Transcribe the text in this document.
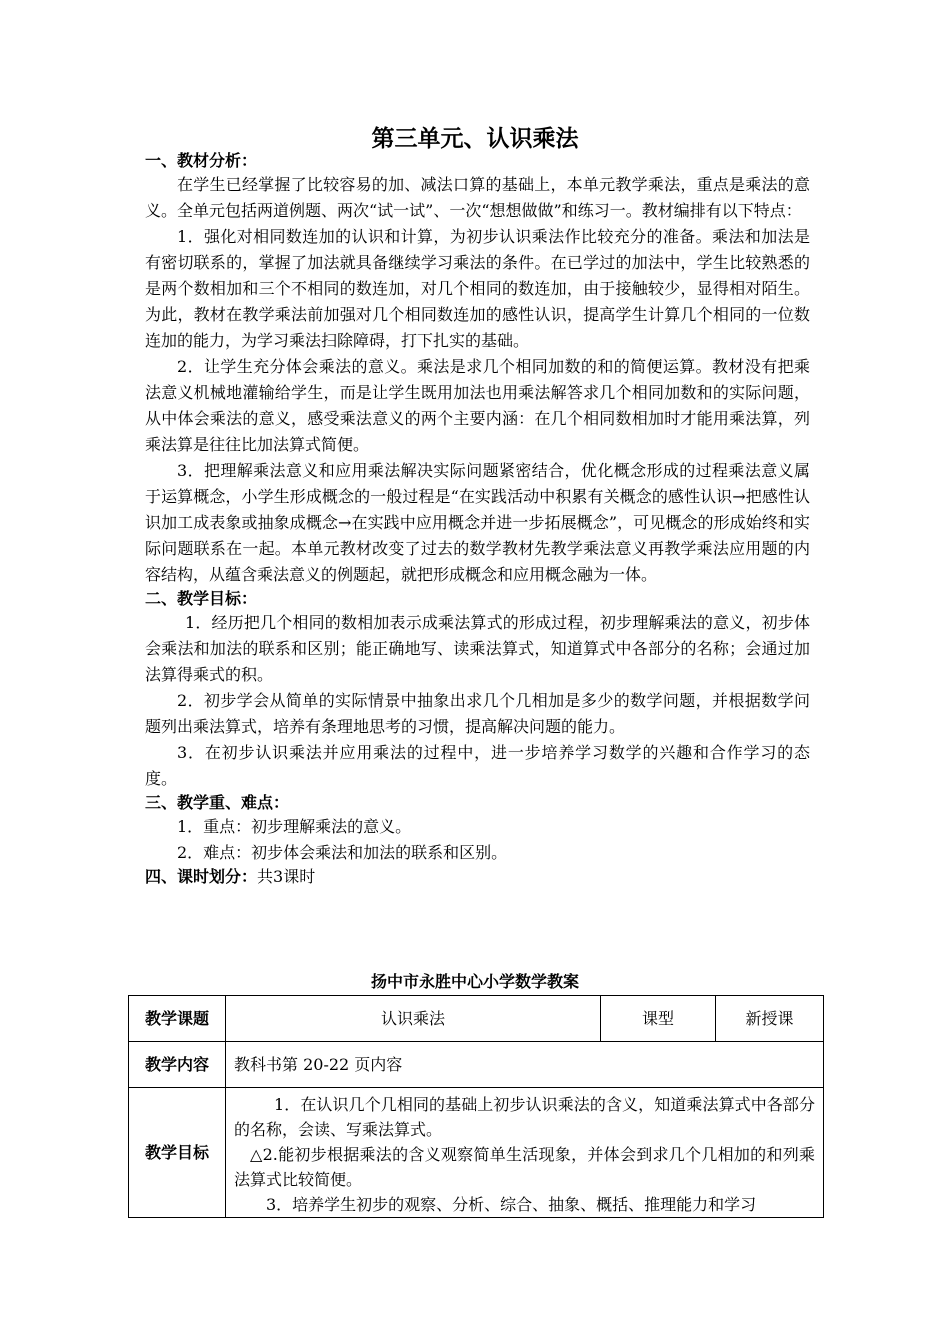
第三单元、认识乘法

一、教材分析：

在学生已经掌握了比较容易的加、减法口算的基础上，本单元教学乘法，重点是乘法的意义。全单元包括两道例题、两次“试一试”、一次“想想做做”和练习一。教材编排有以下特点：

1．强化对相同数连加的认识和计算，为初步认识乘法作比较充分的准备。乘法和加法是有密切联系的，掌握了加法就具备继续学习乘法的条件。在已学过的加法中，学生比较熟悉的是两个数相加和三个不相同的数连加，对几个相同的数连加，由于接触较少，显得相对陌生。为此，教材在教学乘法前加强对几个相同数连加的感性认识，提高学生计算几个相同的一位数连加的能力，为学习乘法扫除障碍，打下扎实的基础。

2．让学生充分体会乘法的意义。乘法是求几个相同加数的和的简便运算。教材没有把乘法意义机械地灌输给学生，而是让学生既用加法也用乘法解答求几个相同加数和的实际问题，从中体会乘法的意义，感受乘法意义的两个主要内涵：在几个相同数相加时才能用乘法算，列乘法算是往往比加法算式简便。

3．把理解乘法意义和应用乘法解决实际问题紧密结合，优化概念形成的过程乘法意义属于运算概念，小学生形成概念的一般过程是“在实践活动中积累有关概念的感性认识→把感性认识加工成表象或抽象成概念→在实践中应用概念并进一步拓展概念”，可见概念的形成始终和实际问题联系在一起。本单元教材改变了过去的数学教材先教学乘法意义再教学乘法应用题的内容结构，从蕴含乘法意义的例题起，就把形成概念和应用概念融为一体。

二、教学目标：

1．经历把几个相同的数相加表示成乘法算式的形成过程，初步理解乘法的意义，初步体会乘法和加法的联系和区别；能正确地写、读乘法算式，知道算式中各部分的名称；会通过加法算得乘式的积。

2．初步学会从简单的实际情景中抽象出求几个几相加是多少的数学问题，并根据数学问题列出乘法算式，培养有条理地思考的习惯，提高解决问题的能力。

3．在初步认识乘法并应用乘法的过程中，进一步培养学习数学的兴趣和合作学习的态度。

三、教学重、难点：

1．重点：初步理解乘法的意义。

2．难点：初步体会乘法和加法的联系和区别。

四、课时划分：共3课时

扬中市永胜中心小学数学教案

教学课题	认识乘法	课型	新授课
教学内容	教科书第 20-22 页内容		
教学目标	1．在认识几个几相同的基础上初步认识乘法的含义，知道乘法算式中各部分的名称，会读、写乘法算式。
△2.能初步根据乘法的含义观察简单生活现象，并体会到求几个几相加的和列乘法算式比较简便。
3．培养学生初步的观察、分析、综合、抽象、概括、推理能力和学习		
